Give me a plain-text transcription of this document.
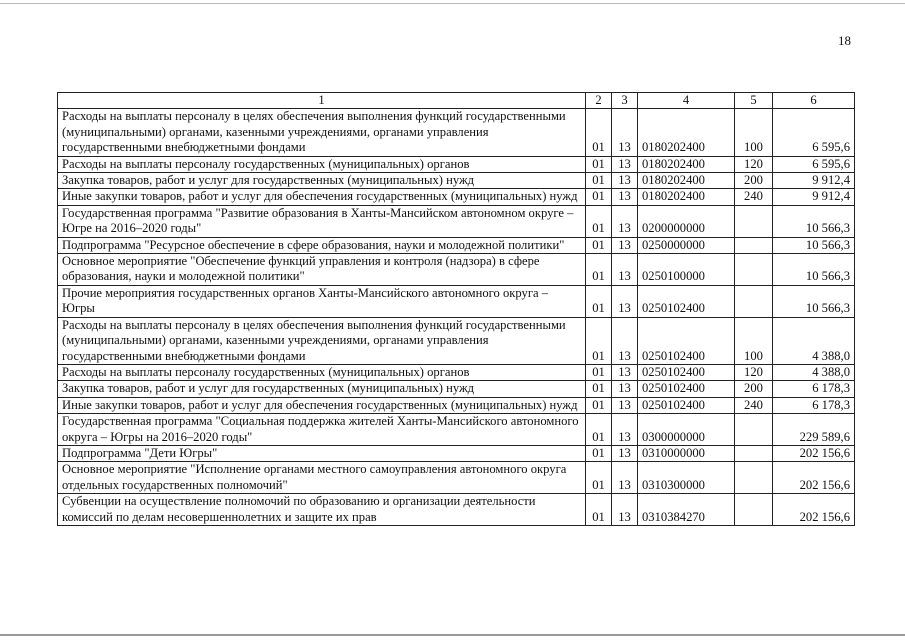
18
1	2	3	4	5	6
Расходы на выплаты персоналу в целях обеспечения выполнения функций государственными (муниципальными) органами, казенными учреждениями, органами управления государственными внебюджетными фондами	01	13	0180202400	100	6 595,6
Расходы на выплаты персоналу государственных (муниципальных) органов	01	13	0180202400	120	6 595,6
Закупка товаров, работ и услуг для государственных (муниципальных) нужд	01	13	0180202400	200	9 912,4
Иные закупки товаров, работ и услуг для обеспечения государственных (муниципальных) нужд	01	13	0180202400	240	9 912,4
Государственная программа "Развитие образования в Ханты-Мансийском автономном округе – Югре на 2016–2020 годы"	01	13	0200000000		10 566,3
Подпрограмма "Ресурсное обеспечение в сфере образования, науки и молодежной политики"	01	13	0250000000		10 566,3
Основное мероприятие "Обеспечение функций управления и контроля (надзора) в сфере образования, науки и молодежной политики"	01	13	0250100000		10 566,3
Прочие мероприятия государственных органов Ханты-Мансийского автономного округа – Югры	01	13	0250102400		10 566,3
Расходы на выплаты персоналу в целях обеспечения выполнения функций государственными (муниципальными) органами, казенными учреждениями, органами управления государственными внебюджетными фондами	01	13	0250102400	100	4 388,0
Расходы на выплаты персоналу государственных (муниципальных) органов	01	13	0250102400	120	4 388,0
Закупка товаров, работ и услуг для государственных (муниципальных) нужд	01	13	0250102400	200	6 178,3
Иные закупки товаров, работ и услуг для обеспечения государственных (муниципальных) нужд	01	13	0250102400	240	6 178,3
Государственная программа "Социальная поддержка жителей Ханты-Мансийского автономного округа – Югры на 2016–2020 годы"	01	13	0300000000		229 589,6
Подпрограмма "Дети Югры"	01	13	0310000000		202 156,6
Основное мероприятие "Исполнение органами местного самоуправления автономного округа отдельных государственных полномочий"	01	13	0310300000		202 156,6
Субвенции на осуществление полномочий по образованию и организации деятельности комиссий по делам несовершеннолетних и защите их прав	01	13	0310384270		202 156,6
